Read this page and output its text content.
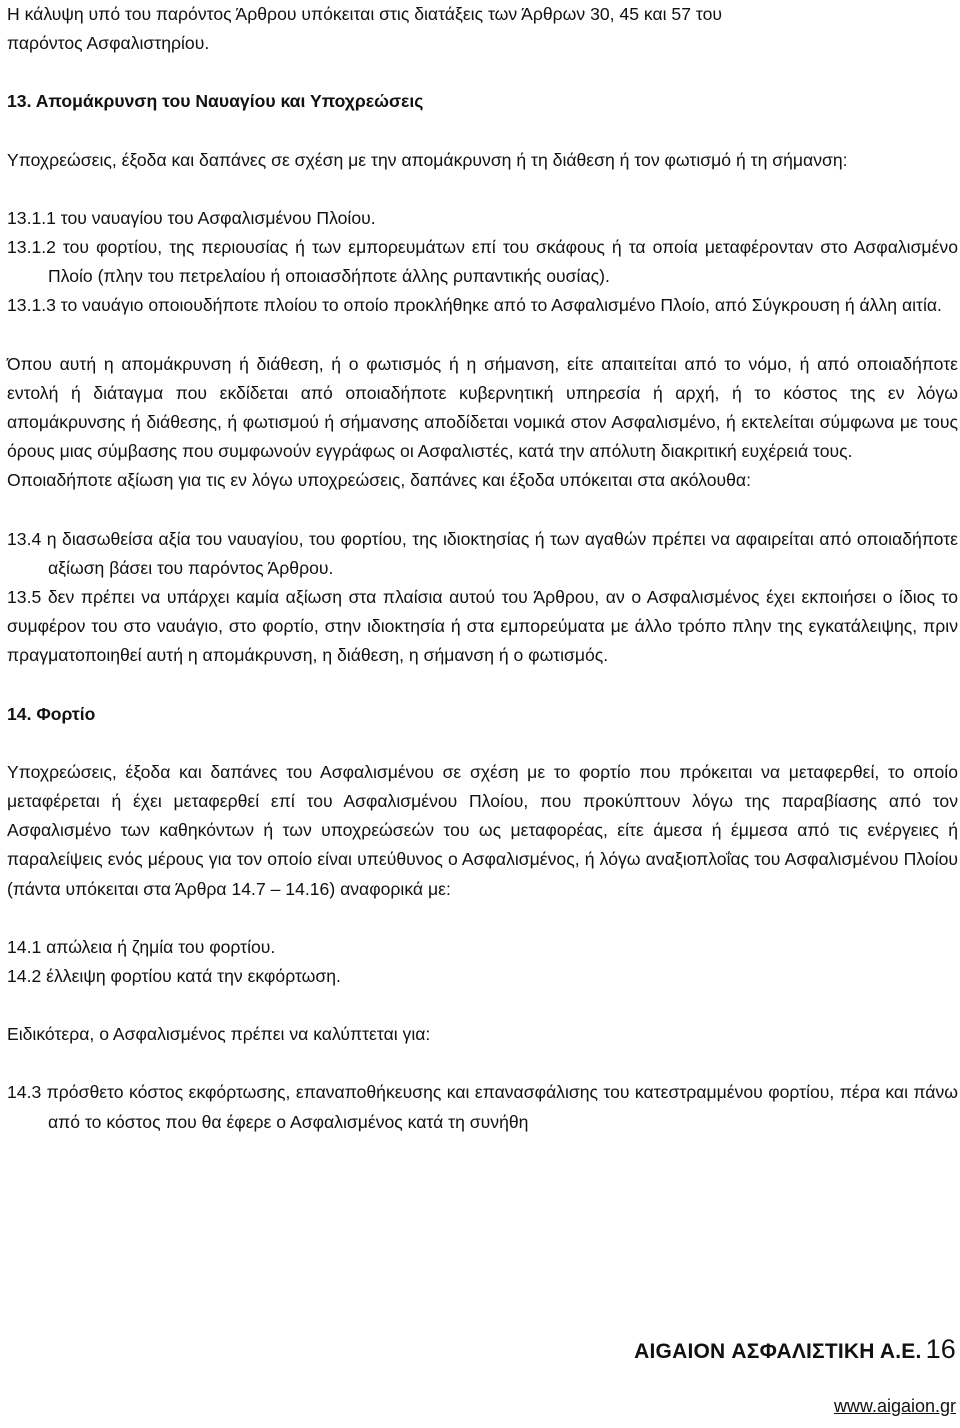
Η κάλυψη υπό του παρόντος Άρθρου υπόκειται στις διατάξεις των Άρθρων 30, 45 και 57 του
παρόντος Ασφαλιστηρίου.

13. Απομάκρυνση του Ναυαγίου και Υποχρεώσεις

Υποχρεώσεις, έξοδα και δαπάνες σε σχέση με την απομάκρυνση ή τη διάθεση ή τον φωτισμό ή τη σήμανση:

13.1.1 του ναυαγίου του Ασφαλισμένου Πλοίου.

13.1.2 του φορτίου, της περιουσίας ή των εμπορευμάτων επί του σκάφους ή τα οποία μεταφέρονταν στο Ασφαλισμένο Πλοίο (πλην του πετρελαίου ή οποιασδήποτε άλλης ρυπαντικής ουσίας).

13.1.3 το ναυάγιο οποιουδήποτε πλοίου το οποίο προκλήθηκε από το Ασφαλισμένο Πλοίο, από Σύγκρουση ή άλλη αιτία.

Όπου αυτή η απομάκρυνση ή διάθεση, ή ο φωτισμός ή η σήμανση, είτε απαιτείται από το νόμο, ή από οποιαδήποτε εντολή ή διάταγμα που εκδίδεται από οποιαδήποτε κυβερνητική υπηρεσία ή αρχή, ή το κόστος της εν λόγω απομάκρυνσης ή διάθεσης, ή φωτισμού ή σήμανσης αποδίδεται νομικά στον Ασφαλισμένο, ή εκτελείται σύμφωνα με τους όρους μιας σύμβασης που συμφωνούν εγγράφως οι Ασφαλιστές, κατά την απόλυτη διακριτική ευχέρειά τους.

Οποιαδήποτε αξίωση για τις εν λόγω υποχρεώσεις, δαπάνες και έξοδα υπόκειται στα ακόλουθα:

13.4 η διασωθείσα αξία του ναυαγίου, του φορτίου, της ιδιοκτησίας ή των αγαθών πρέπει να αφαιρείται από οποιαδήποτε αξίωση βάσει του παρόντος Άρθρου.

13.5 δεν πρέπει να υπάρχει καμία αξίωση στα πλαίσια αυτού του Άρθρου, αν ο Ασφαλισμένος έχει εκποιήσει ο ίδιος το συμφέρον του στο ναυάγιο, στο φορτίο, στην ιδιοκτησία ή στα εμπορεύματα με άλλο τρόπο πλην της εγκατάλειψης, πριν πραγματοποιηθεί αυτή η απομάκρυνση, η διάθεση, η σήμανση ή ο φωτισμός.

14. Φορτίο

Υποχρεώσεις, έξοδα και δαπάνες του Ασφαλισμένου σε σχέση με το φορτίο που πρόκειται να μεταφερθεί, το οποίο μεταφέρεται ή έχει μεταφερθεί επί του Ασφαλισμένου Πλοίου, που προκύπτουν λόγω της παραβίασης από τον Ασφαλισμένο των καθηκόντων ή των υποχρεώσεών του ως μεταφορέας, είτε άμεσα ή έμμεσα από τις ενέργειες ή παραλείψεις ενός μέρους για τον οποίο είναι υπεύθυνος ο Ασφαλισμένος, ή λόγω αναξιοπλοΐας του Ασφαλισμένου Πλοίου (πάντα υπόκειται στα Άρθρα 14.7 – 14.16) αναφορικά με:

14.1 απώλεια ή ζημία του φορτίου.

14.2 έλλειψη φορτίου κατά την εκφόρτωση.

Ειδικότερα, ο Ασφαλισμένος πρέπει να καλύπτεται για:

14.3 πρόσθετο κόστος εκφόρτωσης, επαναποθήκευσης και επανασφάλισης του κατεστραμμένου φορτίου, πέρα και πάνω από το κόστος που θα έφερε ο Ασφαλισμένος κατά τη συνήθη

AIGAION ΑΣΦΑΛΙΣΤΙΚΗ Α.Ε. 16
www.aigaion.gr
